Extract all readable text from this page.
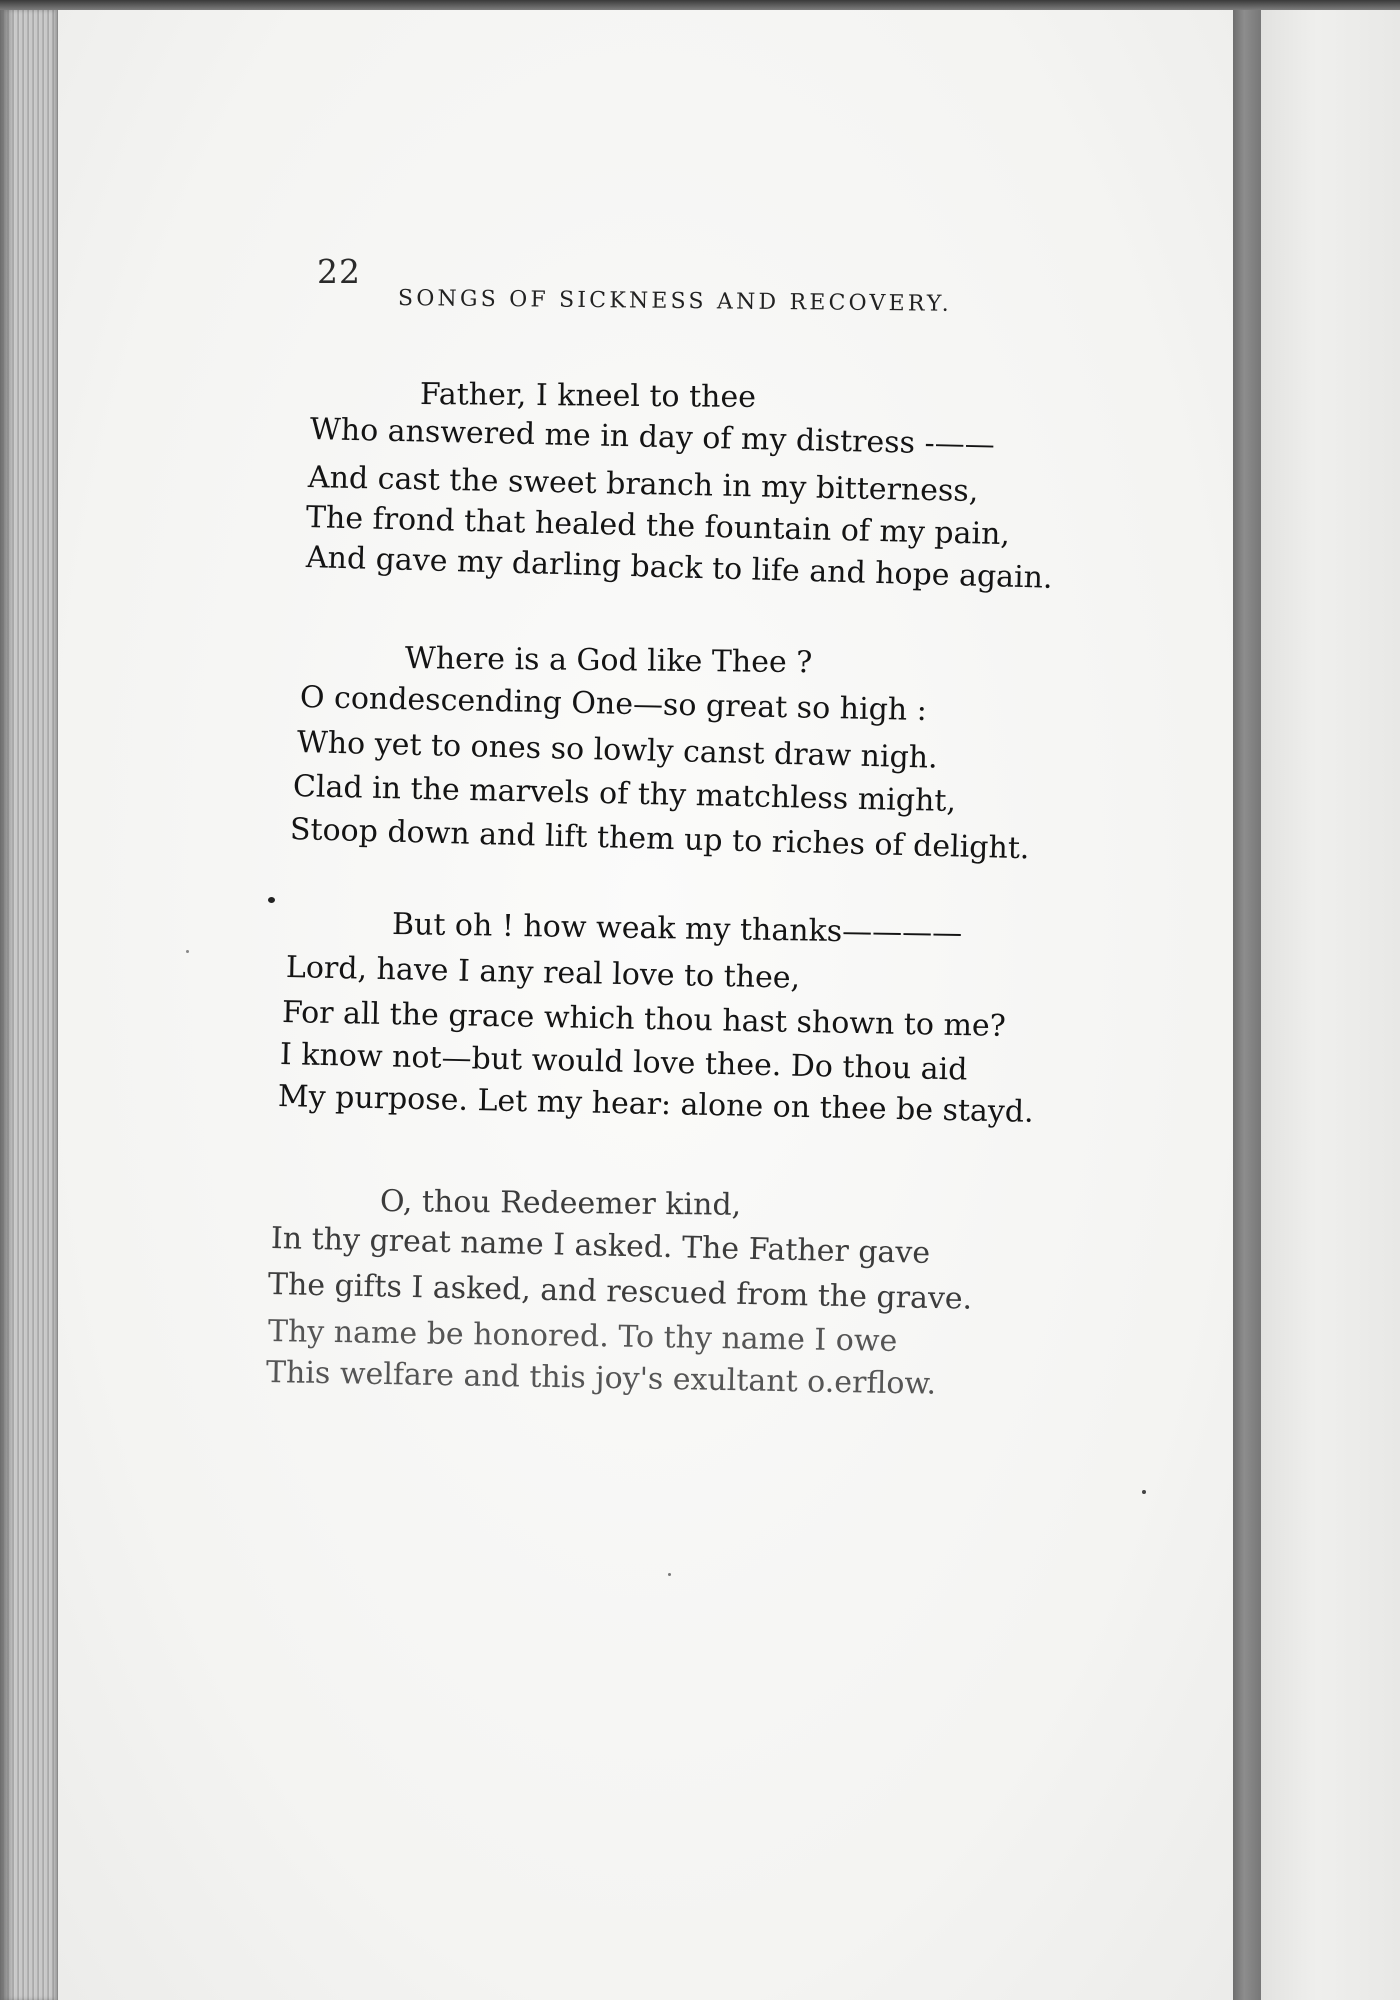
22

SONGS OF SICKNESS AND RECOVERY.

Father, I kneel to thee

Who answered me in day of my distress -——

And cast the sweet branch in my bitterness,

The frond that healed the fountain of my pain,

And gave my darling back to life and hope again.

Where is a God like Thee ?

O condescending One—so great so high :

Who yet to ones so lowly canst draw nigh.

Clad in the marvels of thy matchless might,

Stoop down and lift them up to riches of delight.

But oh ! how weak my thanks————

Lord, have I any real love to thee,

For all the grace which thou hast shown to me?

I know not—but would love thee. Do thou aid

My purpose. Let my hear: alone on thee be stayd.

O, thou Redeemer kind,

In thy great name I asked. The Father gave

The gifts I asked, and rescued from the grave.

Thy name be honored. To thy name I owe

This welfare and this joy's exultant o.erflow.
